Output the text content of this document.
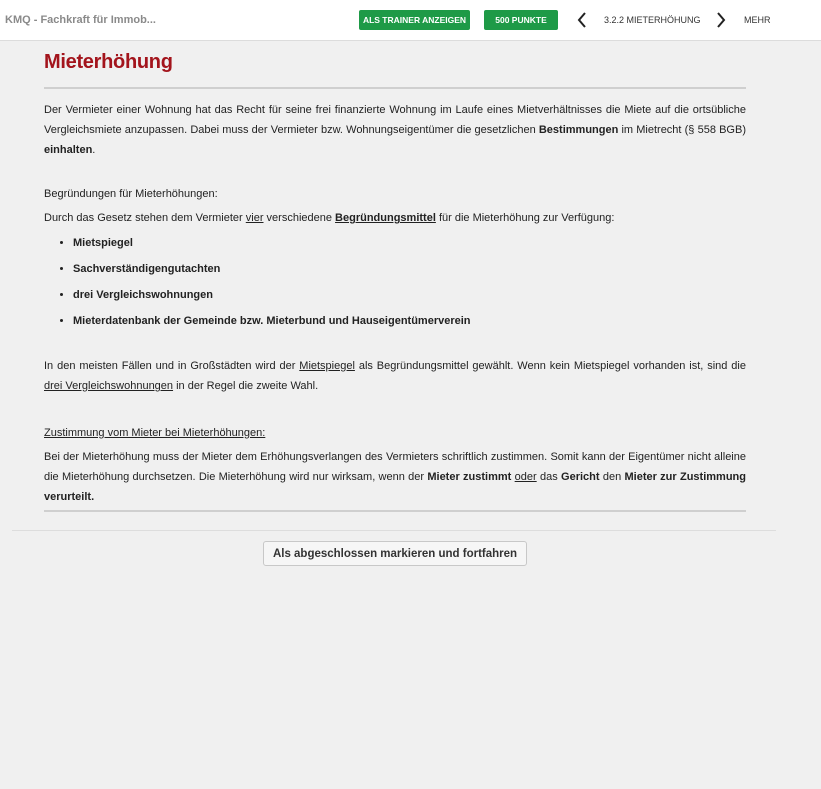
KMQ - Fachkraft für Immob...	ALS TRAINER ANZEIGEN	500 PUNKTE	3.2.2 MIETERHÖHUNG	MEHR
Mieterhöhung

Der Vermieter einer Wohnung hat das Recht für seine frei finanzierte Wohnung im Laufe eines Mietverhältnisses die Miete auf die ortsübliche Vergleichsmiete anzupassen. Dabei muss der Vermieter bzw. Wohnungseigentümer die gesetzlichen Bestimmungen im Mietrecht (§ 558 BGB) einhalten.

Begründungen für Mieterhöhungen:

Durch das Gesetz stehen dem Vermieter vier verschiedene Begründungsmittel für die Mieterhöhung zur Verfügung:

• Mietspiegel
• Sachverständigengutachten
• drei Vergleichswohnungen
• Mieterdatenbank der Gemeinde bzw. Mieterbund und Hauseigentümerverein

In den meisten Fällen und in Großstädten wird der Mietspiegel als Begründungsmittel gewählt. Wenn kein Mietspiegel vorhanden ist, sind die drei Vergleichswohnungen in der Regel die zweite Wahl.

Zustimmung vom Mieter bei Mieterhöhungen:

Bei der Mieterhöhung muss der Mieter dem Erhöhungsverlangen des Vermieters schriftlich zustimmen. Somit kann der Eigentümer nicht alleine die Mieterhöhung durchsetzen. Die Mieterhöhung wird nur wirksam, wenn der Mieter zustimmt oder das Gericht den Mieter zur Zustimmung verurteilt.

Als abgeschlossen markieren und fortfahren
